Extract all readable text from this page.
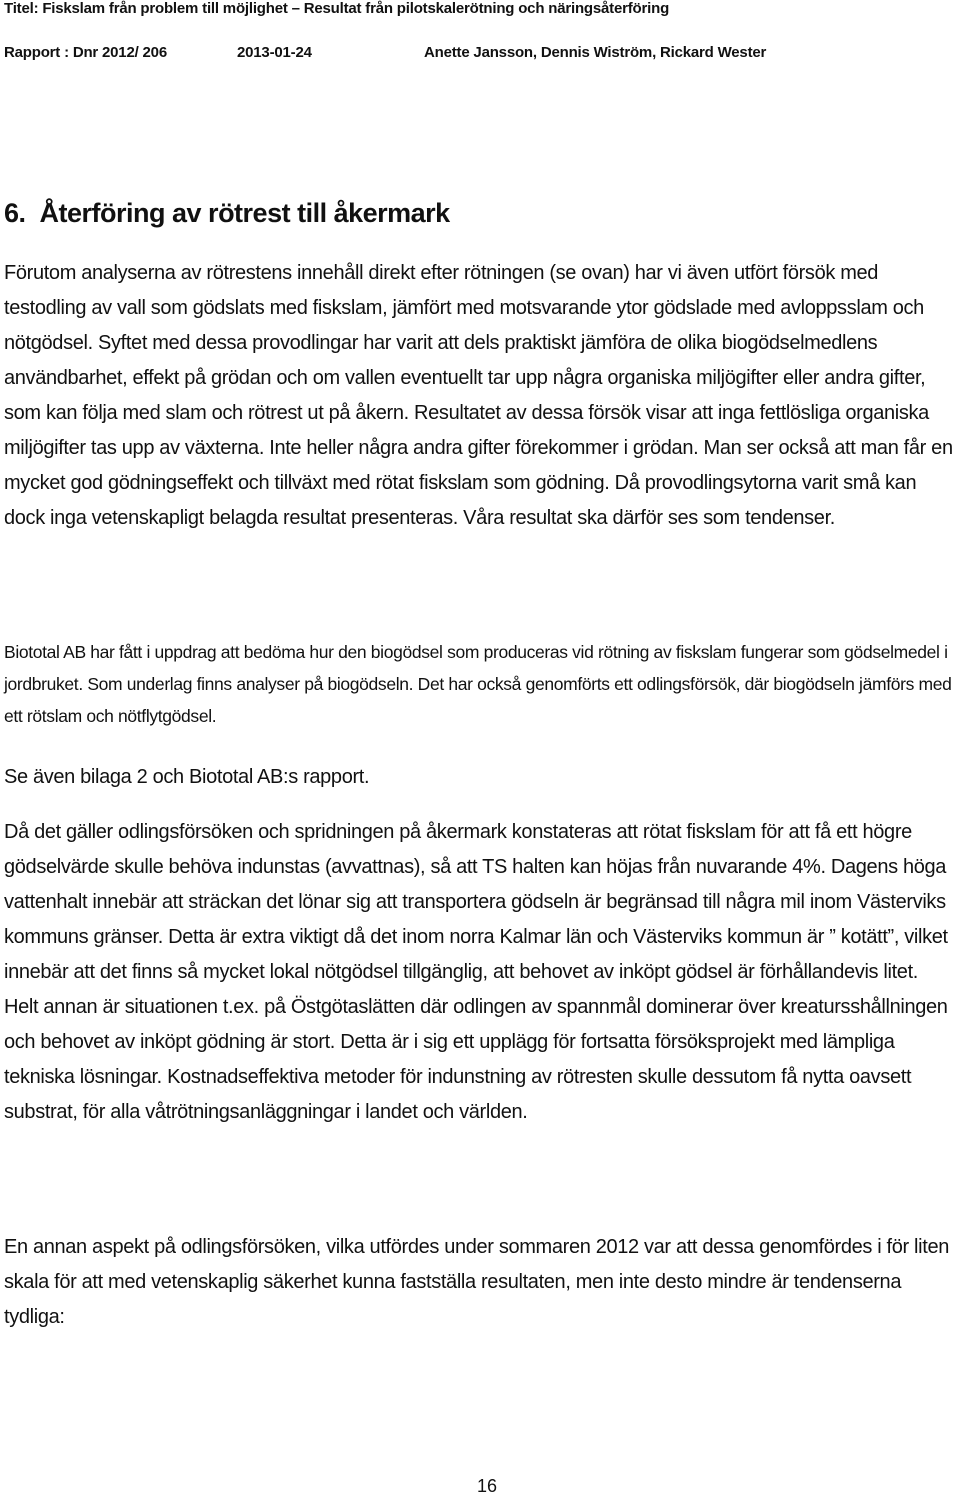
Titel: Fiskslam från problem till möjlighet – Resultat från pilotskalerötning och näringsåterföring
Rapport : Dnr 2012/ 206	2013-01-24	Anette Jansson, Dennis Wiström, Rickard Wester
6. Återföring av rötrest till åkermark

Förutom analyserna av rötrestens innehåll direkt efter rötningen (se ovan) har vi även utfört försök med testodling av vall som gödslats med fiskslam, jämfört med motsvarande ytor gödslade med avloppsslam och nötgödsel. Syftet med dessa provodlingar har varit att dels praktiskt jämföra de olika biogödselmedlens användbarhet, effekt på grödan och om vallen eventuellt tar upp några organiska miljögifter eller andra gifter, som kan följa med slam och rötrest ut på åkern. Resultatet av dessa försök visar att inga fettlösliga organiska miljögifter tas upp av växterna. Inte heller några andra gifter förekommer i grödan. Man ser också att man får en mycket god gödningseffekt och tillväxt med rötat fiskslam som gödning. Då provodlingsytorna varit små kan dock inga vetenskapligt belagda resultat presenteras. Våra resultat ska därför ses som tendenser.

Biototal AB har fått i uppdrag att bedöma hur den biogödsel som produceras vid rötning av fiskslam fungerar som gödselmedel i jordbruket. Som underlag finns analyser på biogödseln. Det har också genomförts ett odlingsförsök, där biogödseln jämförs med ett rötslam och nötflytgödsel.

Se även bilaga 2 och Biototal AB:s rapport.

Då det gäller odlingsförsöken och spridningen på åkermark konstateras att rötat fiskslam för att få ett högre gödselvärde skulle behöva indunstas (avvattnas), så att TS halten kan höjas från nuvarande 4%. Dagens höga vattenhalt innebär att sträckan det lönar sig att transportera gödseln är begränsad till några mil inom Västerviks kommuns gränser. Detta är extra viktigt då det inom norra Kalmar län och Västerviks kommun är ” kotätt”, vilket innebär att det finns så mycket lokal nötgödsel tillgänglig, att behovet av inköpt gödsel är förhållandevis litet. Helt annan är situationen t.ex. på Östgötaslätten där odlingen av spannmål dominerar över kreatursshållningen och behovet av inköpt gödning är stort. Detta är i sig ett upplägg för fortsatta försöksprojekt med lämpliga tekniska lösningar. Kostnadseffektiva metoder för indunstning av rötresten skulle dessutom få nytta oavsett substrat, för alla våtrötningsanläggningar i landet och världen.

En annan aspekt på odlingsförsöken, vilka utfördes under sommaren 2012 var att dessa genomfördes i för liten skala för att med vetenskaplig säkerhet kunna fastställa resultaten, men inte desto mindre är tendenserna tydliga:

16
